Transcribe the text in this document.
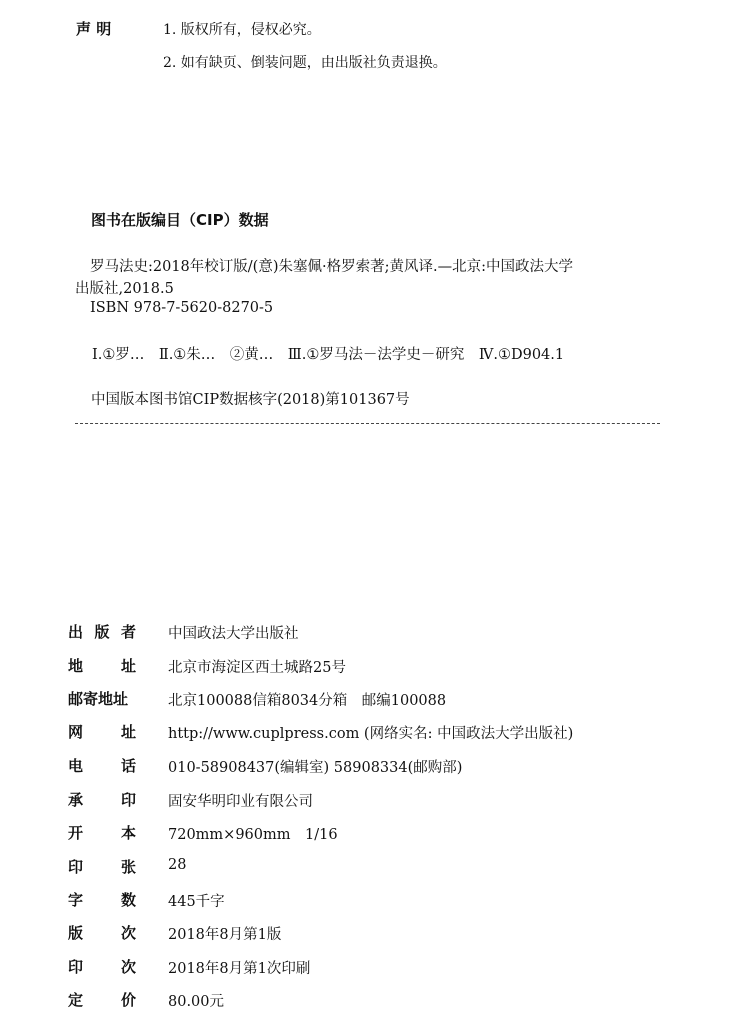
声 明	1. 版权所有，侵权必究。
2. 如有缺页、倒装问题，由出版社负责退换。
图书在版编目（CIP）数据
罗马法史:2018年校订版/(意)朱塞佩·格罗索著;黄风译.—北京:中国政法大学
出版社,2018.5
ISBN 978-7-5620-8270-5
Ⅰ.①罗…　Ⅱ.①朱…　②黄…　Ⅲ.①罗马法－法学史－研究　Ⅳ.①D904.1
中国版本图书馆CIP数据核字(2018)第101367号
出 版 者 中国政法大学出版社
地	址 北京市海淀区西土城路25号
邮寄地址	北京100088信箱8034分箱　邮编100088
网	址 http://www.cuplpress.com (网络实名: 中国政法大学出版社)
电	话 010-58908437(编辑室) 58908334(邮购部)
承	印 固安华明印业有限公司
开	本 720mm×960mm　1/16
印	张 28
字	数 445千字
版	次 2018年8月第1版
印	次 2018年8月第1次印刷
定	价 80.00元
